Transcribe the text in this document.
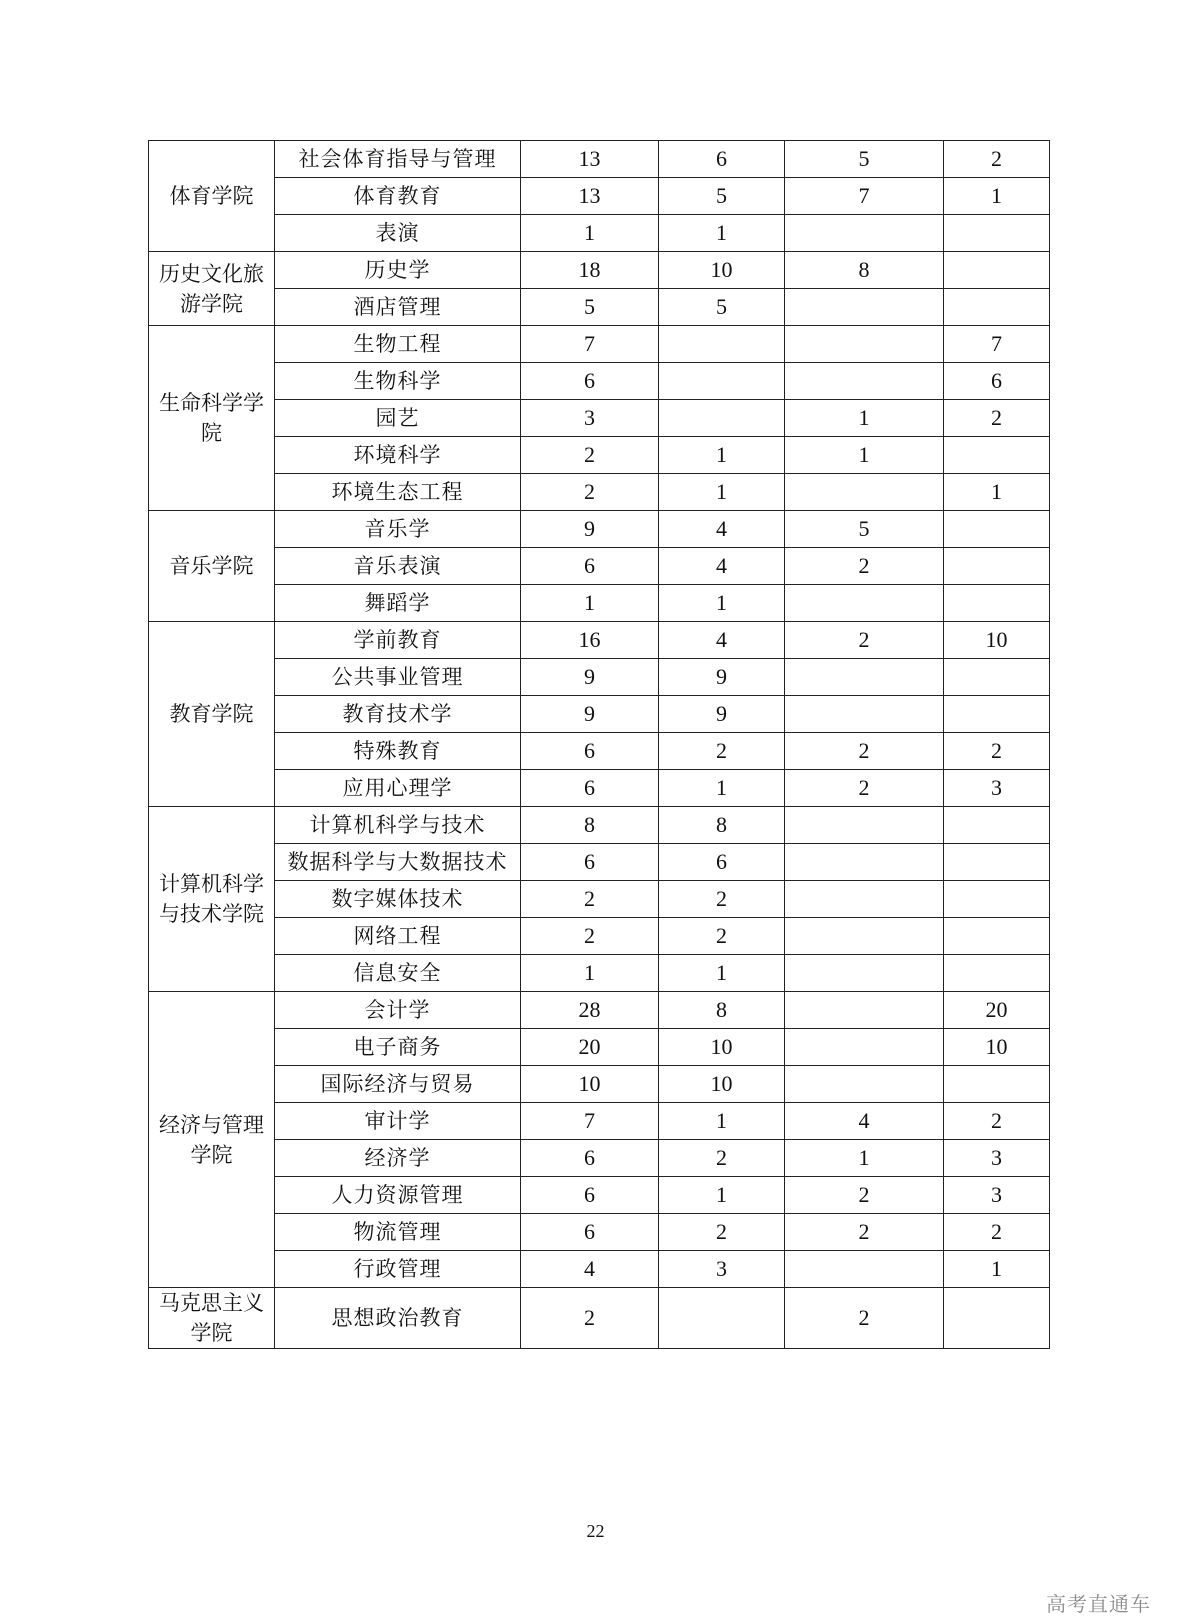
体育学院	社会体育指导与管理	13	6	5	2
	体育教育	13	5	7	1
	表演	1	1		
历史文化旅游学院	历史学	18	10	8	
	酒店管理	5	5		
生命科学学院	生物工程	7			7
	生物科学	6			6
	园艺	3		1	2
	环境科学	2	1	1	
	环境生态工程	2	1		1
音乐学院	音乐学	9	4	5	
	音乐表演	6	4	2	
	舞蹈学	1	1		
教育学院	学前教育	16	4	2	10
	公共事业管理	9	9		
	教育技术学	9	9		
	特殊教育	6	2	2	2
	应用心理学	6	1	2	3
计算机科学与技术学院	计算机科学与技术	8	8		
	数据科学与大数据技术	6	6		
	数字媒体技术	2	2		
	网络工程	2	2		
	信息安全	1	1		
经济与管理学院	会计学	28	8		20
	电子商务	20	10		10
	国际经济与贸易	10	10		
	审计学	7	1	4	2
	经济学	6	2	1	3
	人力资源管理	6	1	2	3
	物流管理	6	2	2	2
	行政管理	4	3		1
马克思主义学院	思想政治教育	2		2	
22
高考直通车
